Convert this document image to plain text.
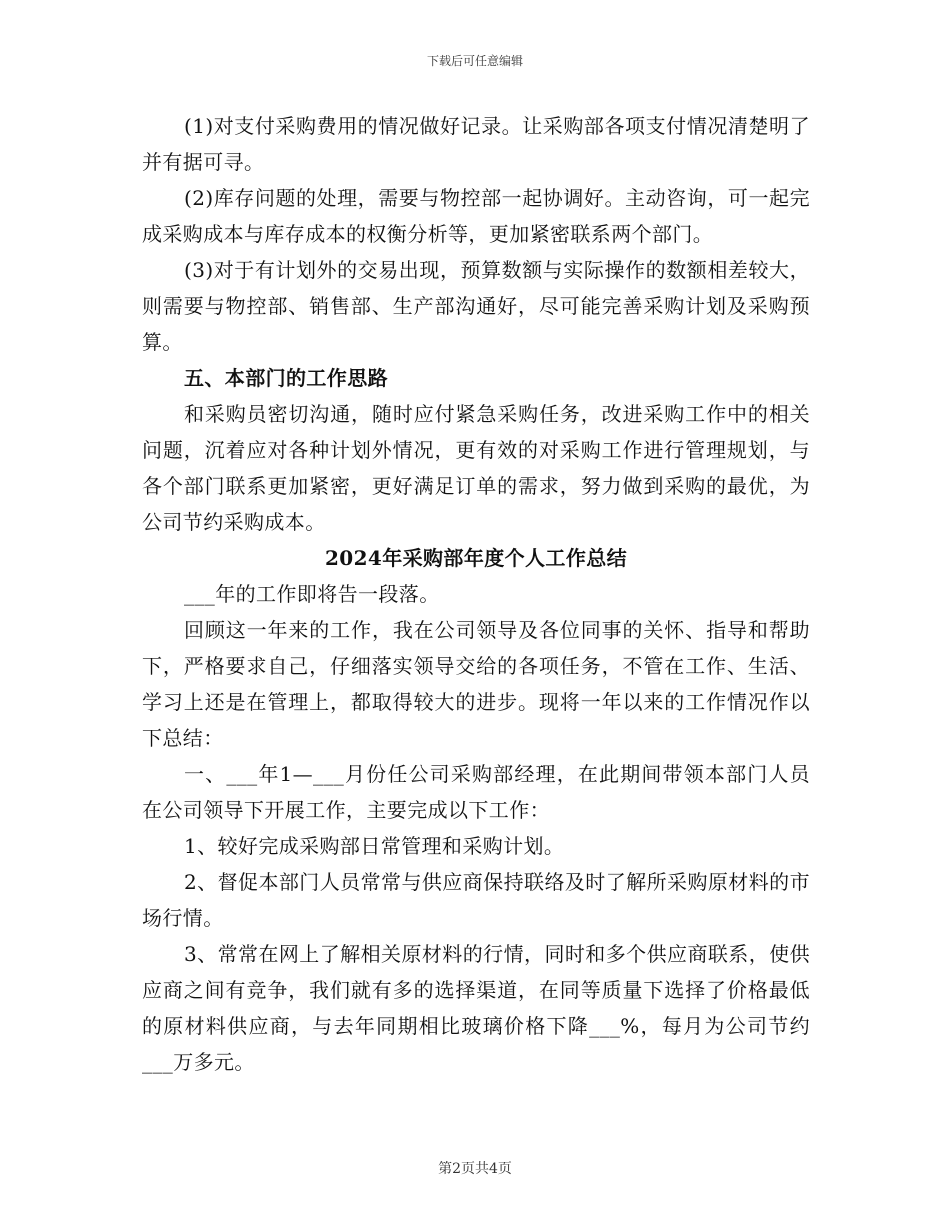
下载后可任意编辑

(1)对支付采购费用的情况做好记录。让采购部各项支付情况清楚明了并有据可寻。

(2)库存问题的处理，需要与物控部一起协调好。主动咨询，可一起完成采购成本与库存成本的权衡分析等，更加紧密联系两个部门。

(3)对于有计划外的交易出现，预算数额与实际操作的数额相差较大，则需要与物控部、销售部、生产部沟通好，尽可能完善采购计划及采购预算。

五、本部门的工作思路

和采购员密切沟通，随时应付紧急采购任务，改进采购工作中的相关问题，沉着应对各种计划外情况，更有效的对采购工作进行管理规划，与各个部门联系更加紧密，更好满足订单的需求，努力做到采购的最优，为公司节约采购成本。

2024年采购部年度个人工作总结

___年的工作即将告一段落。

回顾这一年来的工作，我在公司领导及各位同事的关怀、指导和帮助下，严格要求自己，仔细落实领导交给的各项任务，不管在工作、生活、学习上还是在管理上，都取得较大的进步。现将一年以来的工作情况作以下总结：

一、___年1—___月份任公司采购部经理，在此期间带领本部门人员在公司领导下开展工作，主要完成以下工作：

1、较好完成采购部日常管理和采购计划。

2、督促本部门人员常常与供应商保持联络及时了解所采购原材料的市场行情。

3、常常在网上了解相关原材料的行情，同时和多个供应商联系，使供应商之间有竞争，我们就有多的选择渠道，在同等质量下选择了价格最低的原材料供应商，与去年同期相比玻璃价格下降___%，每月为公司节约___万多元。

第2页共4页
